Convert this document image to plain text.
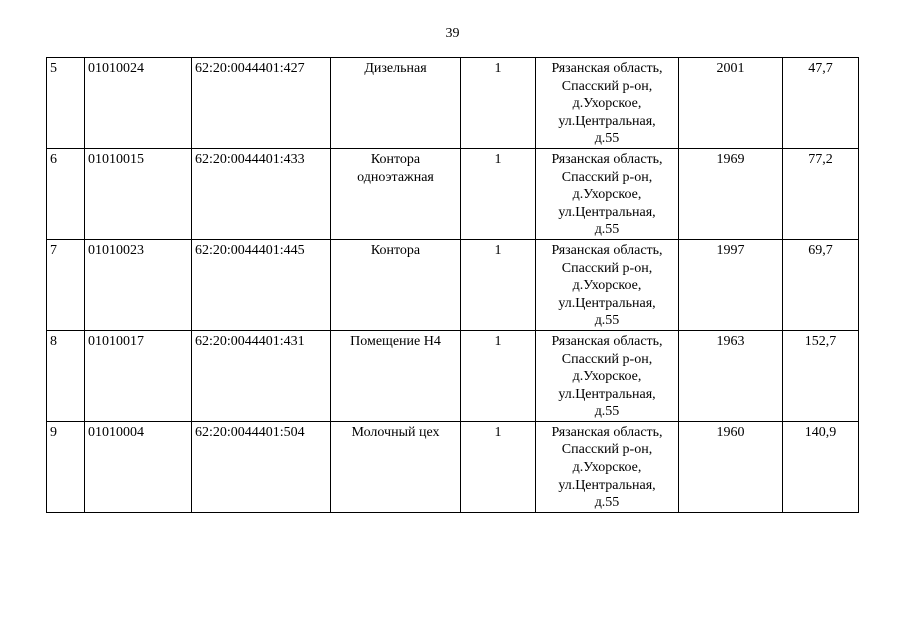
39
5	01010024	62:20:0044401:427	Дизельная	1	Рязанская область,
Спасский р-он,
д.Ухорское,
ул.Центральная,
д.55	2001	47,7
6	01010015	62:20:0044401:433	Контора одноэтажная	1	Рязанская область,
Спасский р-он,
д.Ухорское,
ул.Центральная,
д.55	1969	77,2
7	01010023	62:20:0044401:445	Контора	1	Рязанская область,
Спасский р-он,
д.Ухорское,
ул.Центральная,
д.55	1997	69,7
8	01010017	62:20:0044401:431	Помещение Н4	1	Рязанская область,
Спасский р-он,
д.Ухорское,
ул.Центральная,
д.55	1963	152,7
9	01010004	62:20:0044401:504	Молочный цех	1	Рязанская область,
Спасский р-он,
д.Ухорское,
ул.Центральная,
д.55	1960	140,9
